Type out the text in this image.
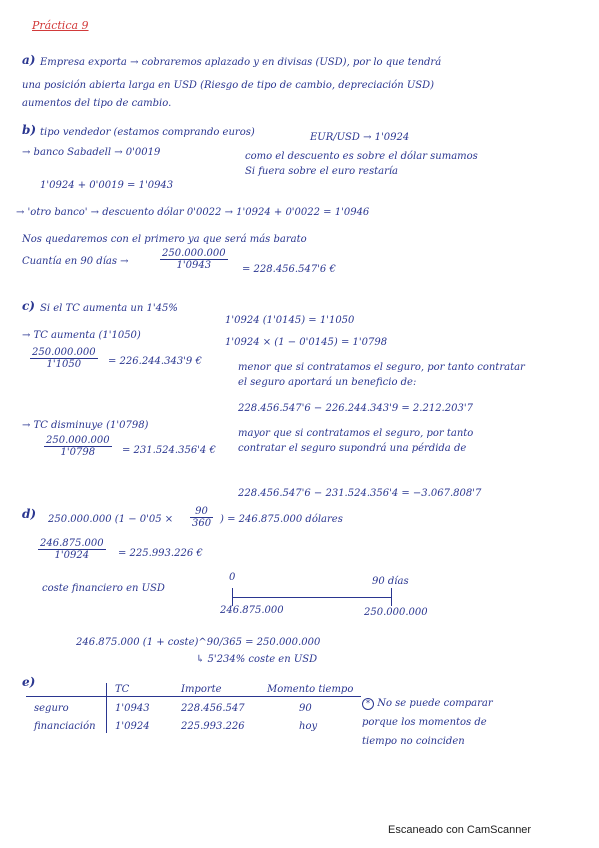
Práctica 9
a) Empresa exporta → cobraremos aplazado y en divisas (USD), por lo que tendrá
una posición abierta larga en USD (Riesgo de tipo de cambio, depreciación USD)
aumentos del tipo de cambio.
b) tipo vendedor (estamos comprando euros)	EUR/USD → 1'0924
→ banco Sabadell → 0'0019	como el descuento es sobre el dólar sumamos
Si fuera sobre el euro restaría
1'0924 + 0'0019 = 1'0943
→ 'otro banco' → descuento dólar 0'0022 → 1'0924 + 0'0022 = 1'0946
Nos quedaremos con el primero ya que será más barato
Cuantía en 90 días →	$\frac{250.000.000}{1'0943} = 228.456.547'6$ €
c) Si el TC aumenta un 1'45%
1'0924 (1'0145) = 1'1050
1'0924 × (1 − 0'0145) = 1'0798
→ TC aumenta (1'1050)
$\frac{250.000.000}{1'1050} = 226.244.343'9$ €
menor que si contratamos el seguro, por tanto contratar
el seguro aportará un beneficio de:
228.456.547'6 − 226.244.343'9 = 2.212.203'7
→ TC disminuye (1'0798)
$\frac{250.000.000}{1'0798} = 231.524.356'4$ €
mayor que si contratamos el seguro, por tanto
contratar el seguro supondrá una pérdida de
228.456.547'6 − 231.524.356'4 = −3.067.808'7
d) 250.000.000 ($1 - 0'05 \times \frac{90}{360}$ ) = 246.875.000 dólares
$\frac{246.875.000}{1'0924} = 225.993.226$ €
coste financiero en USD
0	90 días
246.875.000	250.000.000
246.875.000 (1 + coste)^90/365 = 250.000.000
↳ 5'234% coste en USD
e)
	TC	Importe	Momento tiempo
seguro	1'0943	228.456.547	90
financiación	1'0924	225.993.226	hoy
* No se puede comparar
porque los momentos de
tiempo no coinciden
Escaneado con CamScanner
